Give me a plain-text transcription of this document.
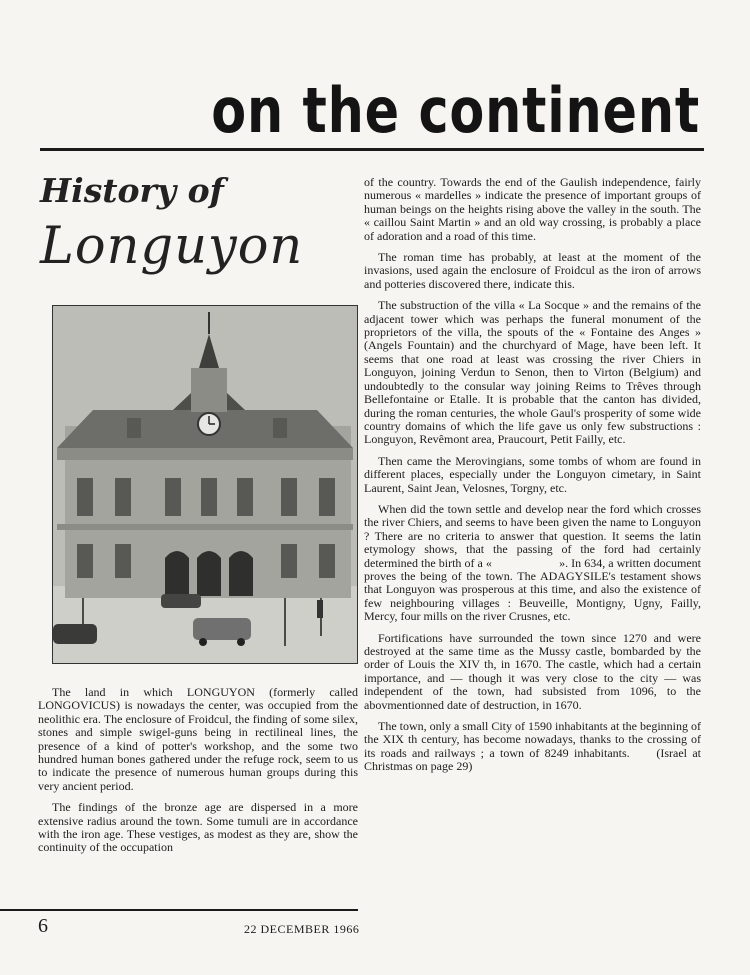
on the continent
History of
Longuyon

The land in which LONGUYON (formerly called LONGOVICUS) is nowadays the center, was occupied from the neolithic era. The enclosure of Froidcul, the finding of some silex, stones and simple swigel-guns being in rectilineal lines, the presence of a kind of potter's workshop, and the some two hundred human bones gathered under the refuge rock, seem to us to indicate the presence of numerous human groups during this very ancient period.

The findings of the bronze age are dispersed in a more extensive radius around the town. Some tumuli are in accordance with the iron age. These vestiges, as modest as they are, show the continuity of the occupation

of the country. Towards the end of the Gaulish independence, fairly numerous « mardelles » indicate the presence of important groups of human beings on the heights rising above the valley in the south. The « caillou Saint Martin » and an old way crossing, is probably a place of adoration and a road of this time.

The roman time has probably, at least at the moment of the invasions, used again the enclosure of Froidcul as the iron of arrows and potteries discovered there, indicate this.

The substruction of the villa « La Socque » and the remains of the adjacent tower which was perhaps the funeral monument of the proprietors of the villa, the spouts of the « Fontaine des Anges » (Angels Fountain) and the churchyard of Mage, have been left. It seems that one road at least was crossing the river Chiers in Longuyon, joining Verdun to Senon, then to Virton (Belgium) and undoubtedly to the consular way joining Reims to Trêves through Bellefontaine or Etalle. It is probable that the canton has divided, during the roman centuries, the whole Gaul's prosperity of some wide country domains of which the life gave us only few substructions : Longuyon, Revêmont area, Praucourt, Petit Failly, etc.

Then came the Merovingians, some tombs of whom are found in different places, especially under the Longuyon cimetary, in Saint Laurent, Saint Jean, Velosnes, Torgny, etc.

When did the town settle and develop near the ford which crosses the river Chiers, and seems to have been given the name to Longuyon ? There are no criteria to answer that question. It seems the latin etymology shows, that the passing of the ford had certainly determined the birth of a «                      ». In 634, a written document proves the being of the town. The ADAGYSILE's testament shows that Longuyon was prosperous at this time, and also the existence of few neighbouring villages : Beuveille, Montigny, Ugny, Failly, Mercy, four mills on the river Crusnes, etc.

Fortifications have surrounded the town since 1270 and were destroyed at the same time as the Mussy castle, bombarded by the order of Louis the XIV th, in 1670. The castle, which had a certain importance, and — though it was very close to the city — was independent of the town, had subsisted from 1096, to the abovmentionned date of destruction, in 1670.

The town, only a small City of 1590 inhabitants at the beginning of the XIX th century, has become nowadays, thanks to the crossing of its roads and railways ; a town of 8249 inhabitants.     (Israel at Christmas on page 29)

6	22 DECEMBER 1966
